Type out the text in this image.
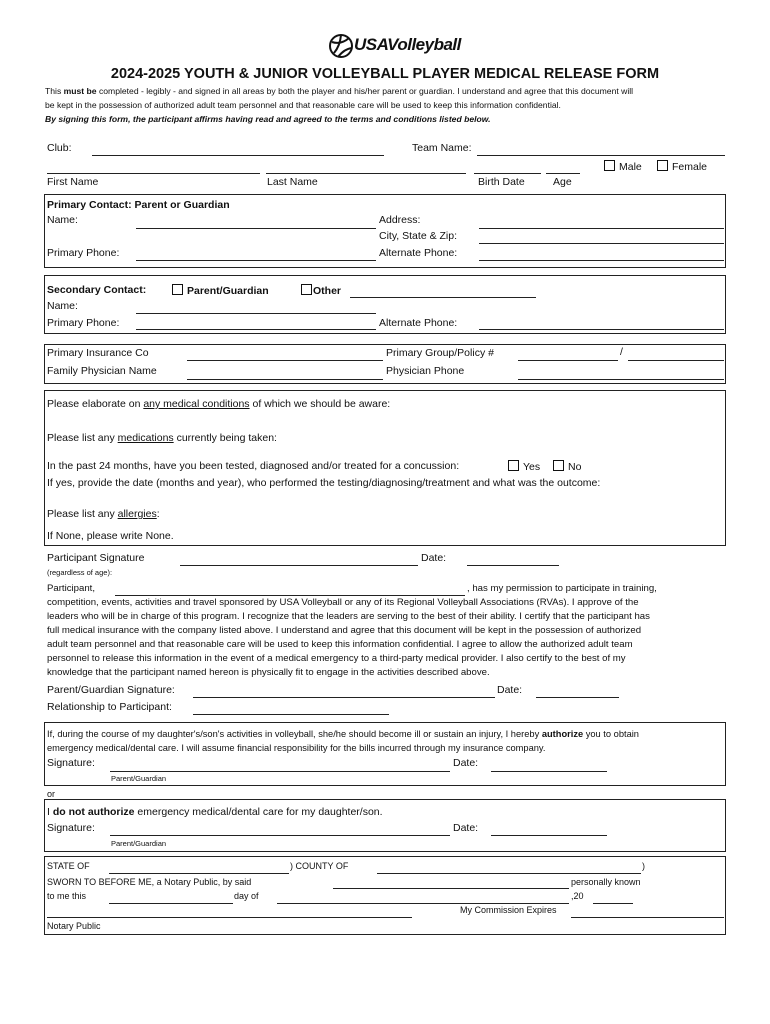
USAVolleyball
2024-2025 YOUTH & JUNIOR VOLLEYBALL PLAYER MEDICAL RELEASE FORM
This must be completed - legibly - and signed in all areas by both the player and his/her parent or guardian. I understand and agree that this document will
be kept in the possession of authorized adult team personnel and that reasonable care will be used to keep this information confidential.
By signing this form, the participant affirms having read and agreed to the terms and conditions listed below.
Club:	Team Name:
Male	Female
First Name	Last Name	Birth Date	Age
Primary Contact: Parent or Guardian
Name:	Address:
City, State & Zip:
Primary Phone:	Alternate Phone:
Secondary Contact:	Parent/Guardian	Other
Name:
Primary Phone:	Alternate Phone:
Primary Insurance Co	Primary Group/Policy #	/
Family Physician Name	Physician Phone
Please elaborate on any medical conditions of which we should be aware:
Please list any medications currently being taken:
In the past 24 months, have you been tested, diagnosed and/or treated for a concussion:	Yes	No
If yes, provide the date (months and year), who performed the testing/diagnosing/treatment and what was the outcome:
Please list any allergies:
If None, please write None.
Participant Signature	Date:
(regardless of age):
Participant,	, has my permission to participate in training,
competition, events, activities and travel sponsored by USA Volleyball or any of its Regional Volleyball Associations (RVAs). I approve of the
leaders who will be in charge of this program. I recognize that the leaders are serving to the best of their ability. I certify that the participant has
full medical insurance with the company listed above. I understand and agree that this document will be kept in the possession of authorized
adult team personnel and that reasonable care will be used to keep this information confidential. I agree to allow the authorized adult team
personnel to release this information in the event of a medical emergency to a third-party medical provider. I also certify to the best of my
knowledge that the participant named hereon is physically fit to engage in the activities described above.
Parent/Guardian Signature:	Date:
Relationship to Participant:
If, during the course of my daughter's/son's activities in volleyball, she/he should become ill or sustain an injury, I hereby authorize you to obtain
emergency medical/dental care. I will assume financial responsibility for the bills incurred through my insurance company.
Signature:	Date:
Parent/Guardian
or
I do not authorize emergency medical/dental care for my daughter/son.
Signature:	Date:
Parent/Guardian
STATE OF	) COUNTY OF	)
SWORN TO BEFORE ME, a Notary Public, by said	personally known
to me this	day of	,20
My Commission Expires
Notary Public
